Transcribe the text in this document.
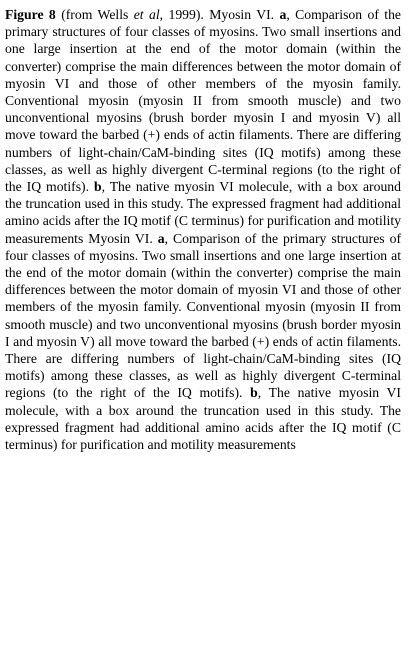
Figure 8 (from Wells et al, 1999). Myosin VI. a, Comparison of the primary structures of four classes of myosins. Two small insertions and one large insertion at the end of the motor domain (within the converter) comprise the main differences between the motor domain of myosin VI and those of other members of the myosin family. Conventional myosin (myosin II from smooth muscle) and two unconventional myosins (brush border myosin I and myosin V) all move toward the barbed (+) ends of actin filaments. There are differing numbers of light-chain/CaM-binding sites (IQ motifs) among these classes, as well as highly divergent C-terminal regions (to the right of the IQ motifs). b, The native myosin VI molecule, with a box around the truncation used in this study. The expressed fragment had additional amino acids after the IQ motif (C terminus) for purification and motility measurements Myosin VI. a, Comparison of the primary structures of four classes of myosins. Two small insertions and one large insertion at the end of the motor domain (within the converter) comprise the main differences between the motor domain of myosin VI and those of other members of the myosin family. Conventional myosin (myosin II from smooth muscle) and two unconventional myosins (brush border myosin I and myosin V) all move toward the barbed (+) ends of actin filaments. There are differing numbers of light-chain/CaM-binding sites (IQ motifs) among these classes, as well as highly divergent C-terminal regions (to the right of the IQ motifs). b, The native myosin VI molecule, with a box around the truncation used in this study. The expressed fragment had additional amino acids after the IQ motif (C terminus) for purification and motility measurements
